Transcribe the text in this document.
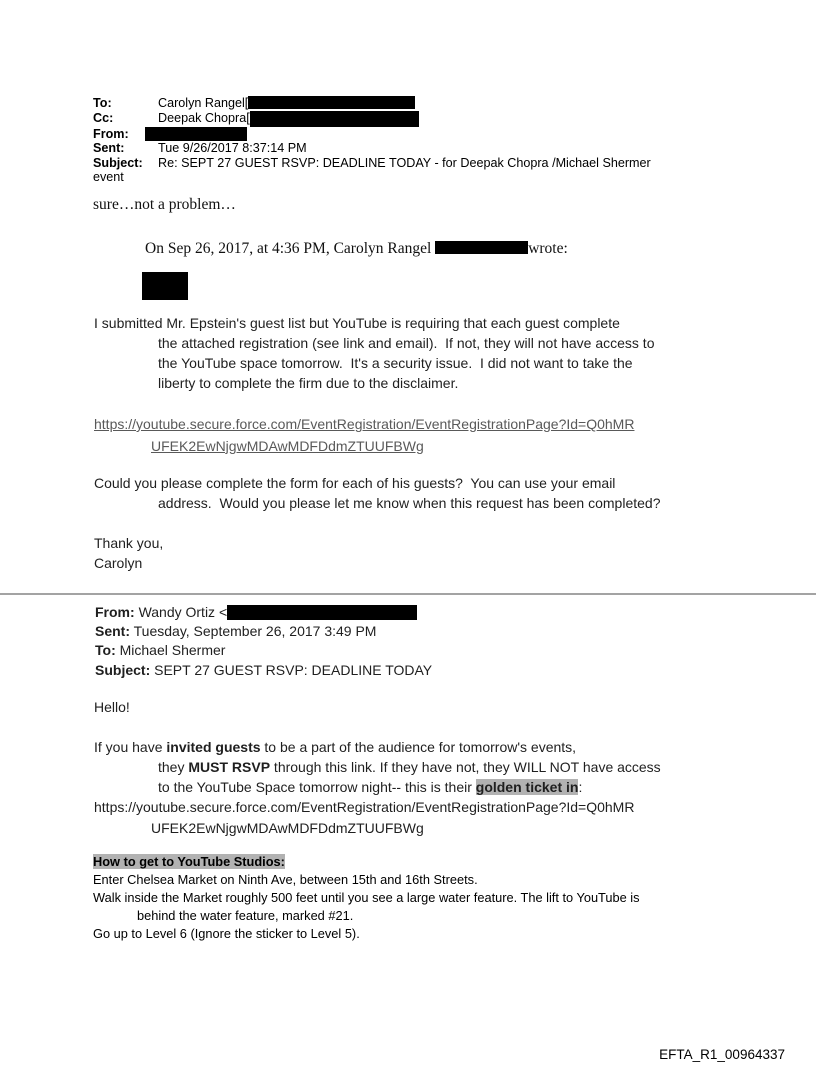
To:	Carolyn Rangel[
Cc:	Deepak Chopra[
From:
Sent:	Tue 9/26/2017 8:37:14 PM
Subject: Re: SEPT 27 GUEST RSVP: DEADLINE TODAY - for Deepak Chopra /Michael Shermer
event
sure…not a problem…
On Sep 26, 2017, at 4:36 PM, Carolyn Rangel	wrote:
I submitted Mr. Epstein's guest list but YouTube is requiring that each guest complete
the attached registration (see link and email).  If not, they will not have access to
the YouTube space tomorrow.  It's a security issue.  I did not want to take the
liberty to complete the firm due to the disclaimer.
https://youtube.secure.force.com/EventRegistration/EventRegistrationPage?Id=Q0hMR
UFEK2EwNjgwMDAwMDFDdmZTUUFBWg
Could you please complete the form for each of his guests?  You can use your email
address.  Would you please let me know when this request has been completed?
Thank you,
Carolyn
From: Wandy Ortiz <
Sent: Tuesday, September 26, 2017 3:49 PM
To: Michael Shermer
Subject: SEPT 27 GUEST RSVP: DEADLINE TODAY
Hello!
If you have invited guests to be a part of the audience for tomorrow's events,
they MUST RSVP through this link. If they have not, they WILL NOT have access
to the YouTube Space tomorrow night-- this is their golden ticket in:
https://youtube.secure.force.com/EventRegistration/EventRegistrationPage?Id=Q0hMR
UFEK2EwNjgwMDAwMDFDdmZTUUFBWg
How to get to YouTube Studios:
Enter Chelsea Market on Ninth Ave, between 15th and 16th Streets.
Walk inside the Market roughly 500 feet until you see a large water feature. The lift to YouTube is
behind the water feature, marked #21.
Go up to Level 6 (Ignore the sticker to Level 5).
EFTA_R1_00964337
